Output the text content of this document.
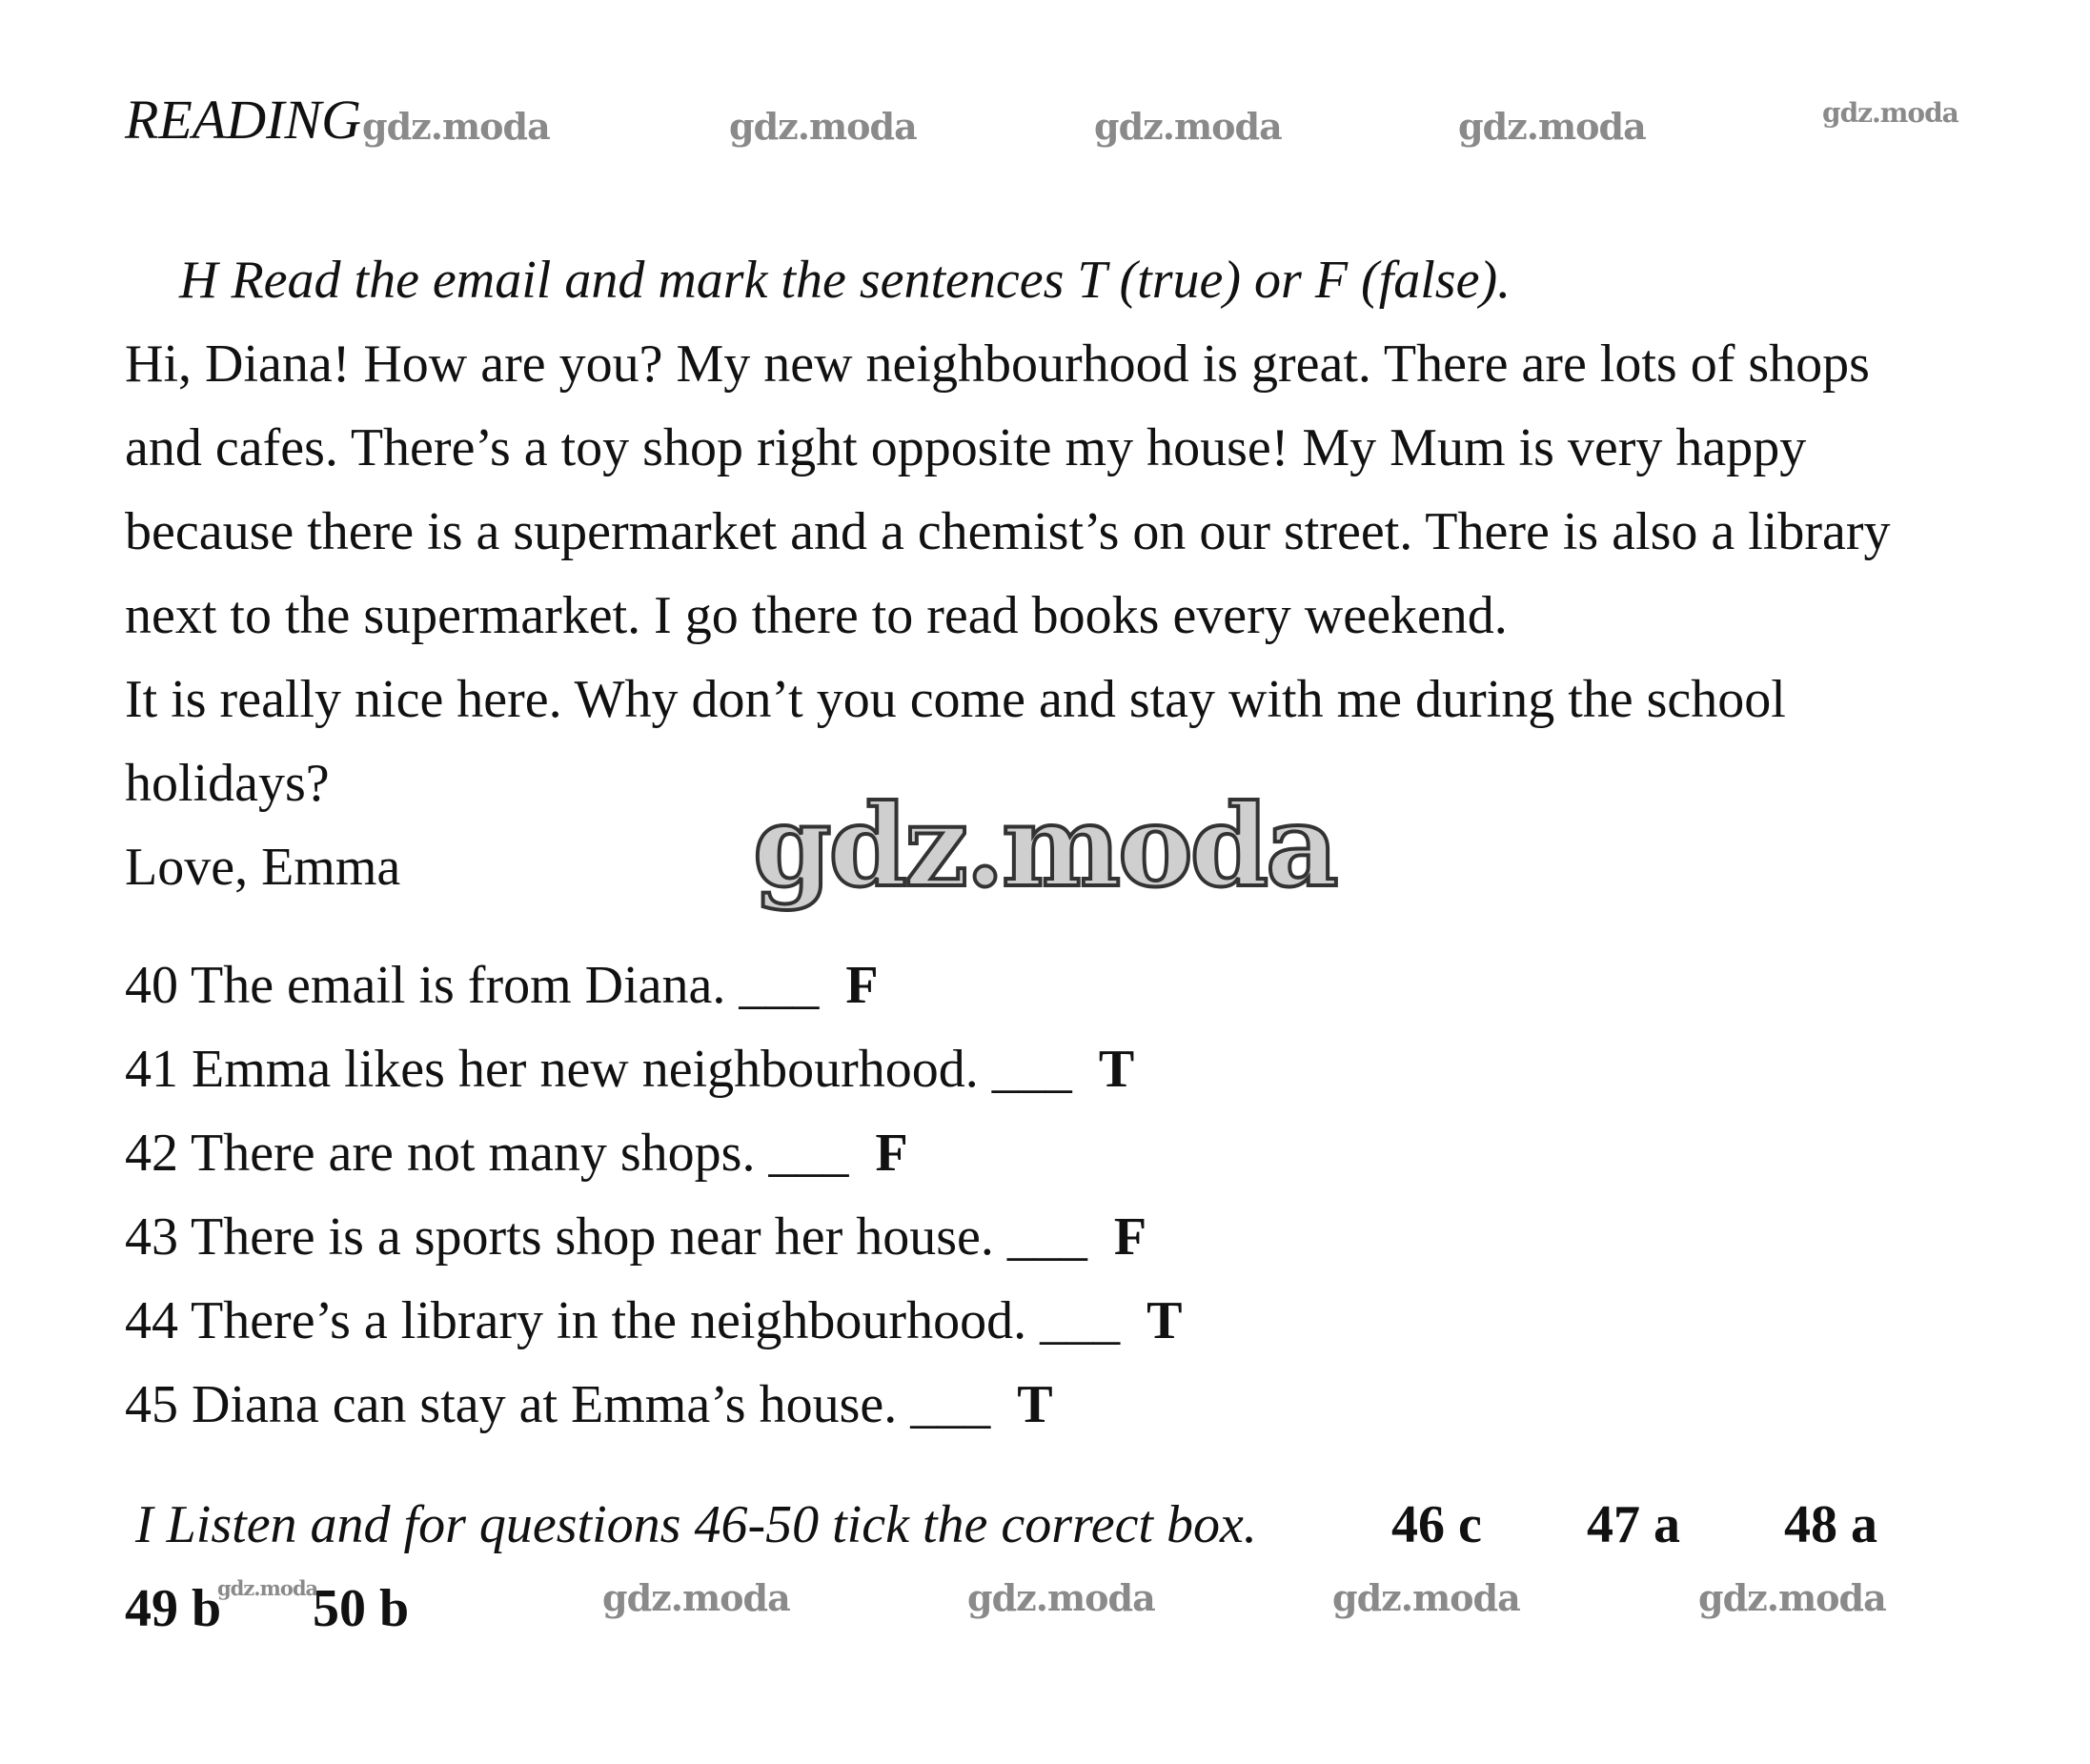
READING gdz.moda	gdz.moda	gdz.moda	gdz.moda	gdz.moda
H Read the email and mark the sentences T (true) or F (false).
Hi, Diana! How are you? My new neighbourhood is great. There are lots of shops
and cafes. There’s a toy shop right opposite my house! My Mum is very happy
because there is a supermarket and a chemist’s on our street. There is also a library
next to the supermarket. I go there to read books every weekend.
It is really nice here. Why don’t you come and stay with me during the school
holidays?
Love, Emma	gdz.moda
40 The email is from Diana. ___ F
41 Emma likes her new neighbourhood. ___ T
42 There are not many shops. ___ F
43 There is a sports shop near her house. ___ F
44 There’s a library in the neighbourhood. ___ T
45 Diana can stay at Emma’s house. ___ T
I Listen and for questions 46-50 tick the correct box.	46 c 47 a 48 a
49 b
gdz.moda
50 b	gdz.moda	gdz.moda	gdz.moda	gdz.moda
